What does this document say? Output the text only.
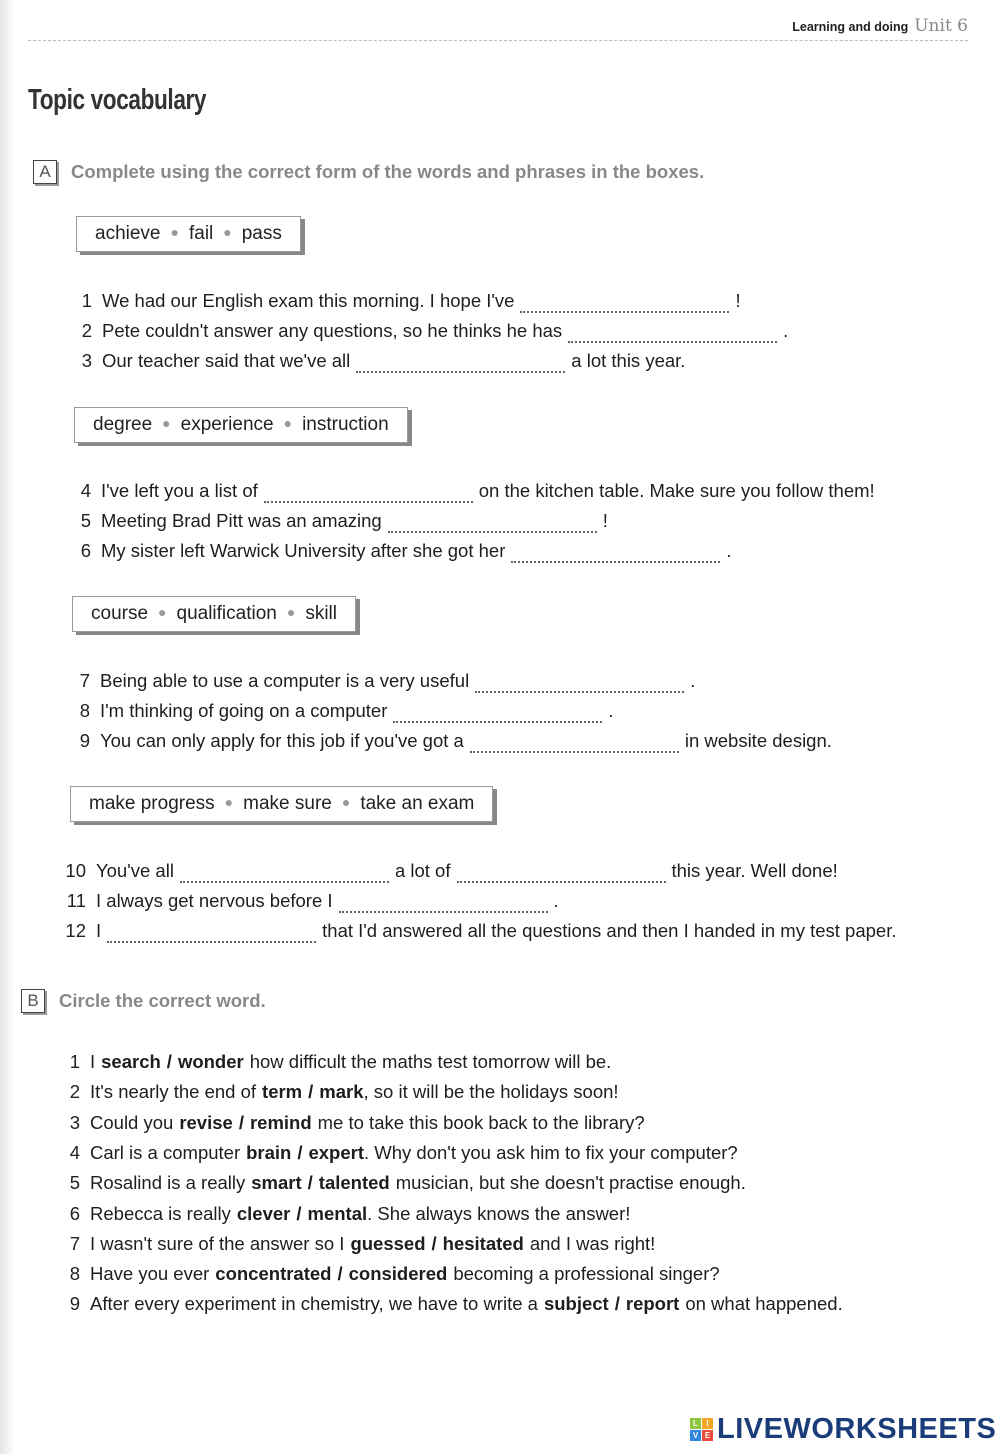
Learning and doing Unit 6
Topic vocabulary
A	Complete using the correct form of the words and phrases in the boxes.
achieve ● fail ● pass
1 We had our English exam this morning. I hope I've	!
2 Pete couldn't answer any questions, so he thinks he has	.
3 Our teacher said that we've all	a lot this year.
degree ● experience ● instruction
4 I've left you a list of	on the kitchen table. Make sure you follow them!
5 Meeting Brad Pitt was an amazing	!
6 My sister left Warwick University after she got her	.
course ● qualification ● skill
7 Being able to use a computer is a very useful	.
8 I'm thinking of going on a computer	.
9 You can only apply for this job if you've got a	in website design.
make progress ● make sure ● take an exam
10 You've all	a lot of	this year. Well done!
11 I always get nervous before I	.
12 I	that I'd answered all the questions and then I handed in my test paper.
B	Circle the correct word.
1 I search / wonder how difficult the maths test tomorrow will be.
2 It's nearly the end of term / mark , so it will be the holidays soon!
3 Could you revise / remind me to take this book back to the library?
4 Carl is a computer brain / expert . Why don't you ask him to fix your computer?
5 Rosalind is a really smart / talented musician, but she doesn't practise enough.
6 Rebecca is really clever / mental . She always knows the answer!
7 I wasn't sure of the answer so I guessed / hesitated and I was right!
8 Have you ever concentrated / considered becoming a professional singer?
9 After every experiment in chemistry, we have to write a subject / report on what happened.
L	I
V E LIVEWORKSHEETS
